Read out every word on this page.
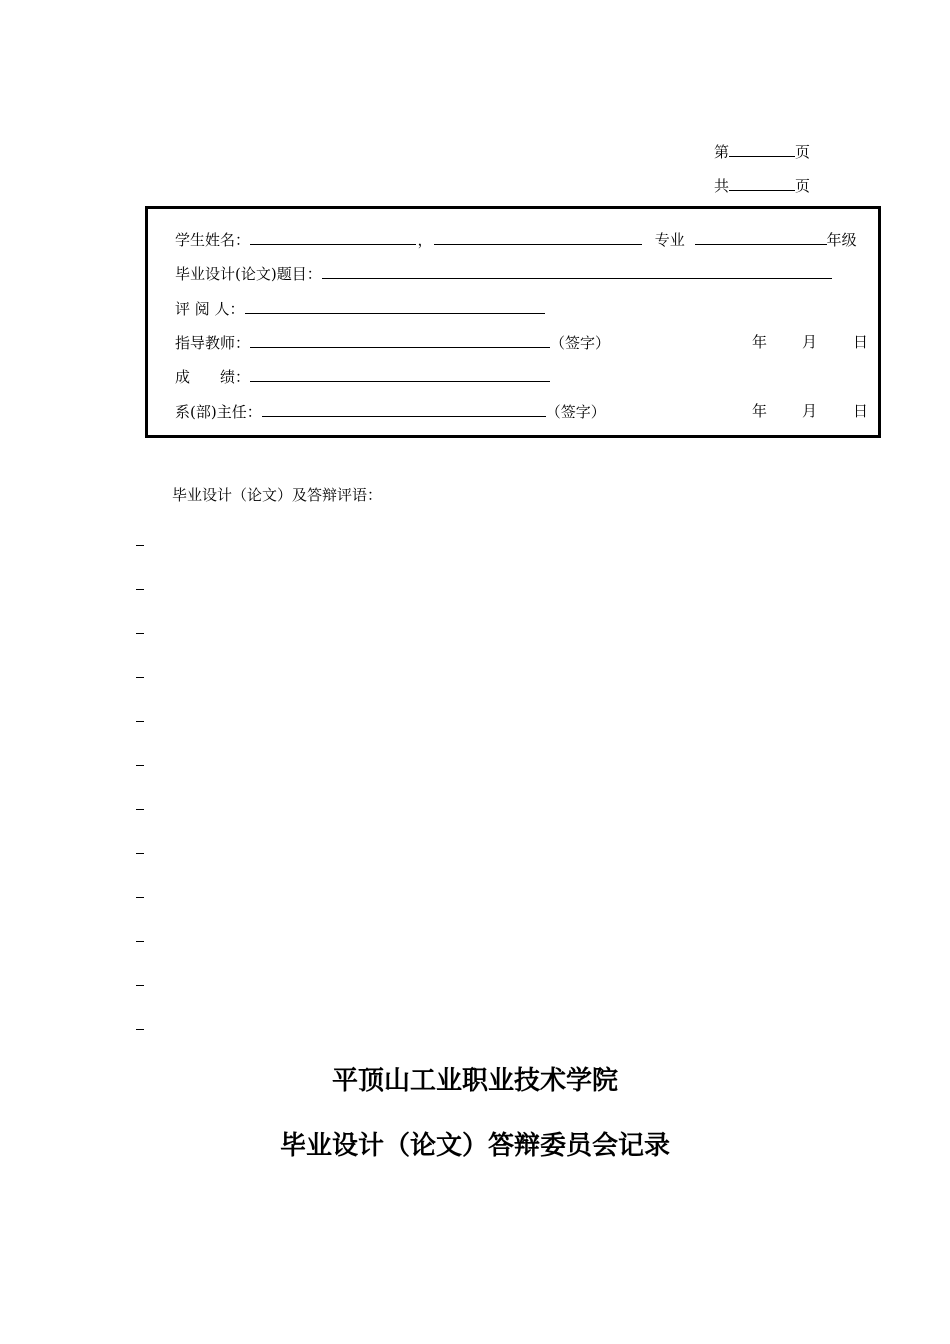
第	页
共	页
学生姓名：	，	专业	年级
毕业设计(论文)题目：
评 阅 人：
指导教师：	（签字）	年 月 日
成　　绩：
系(部)主任：	（签字）	年 月 日
毕业设计（论文）及答辩评语：
平顶山工业职业技术学院
毕业设计（论文）答辩委员会记录
